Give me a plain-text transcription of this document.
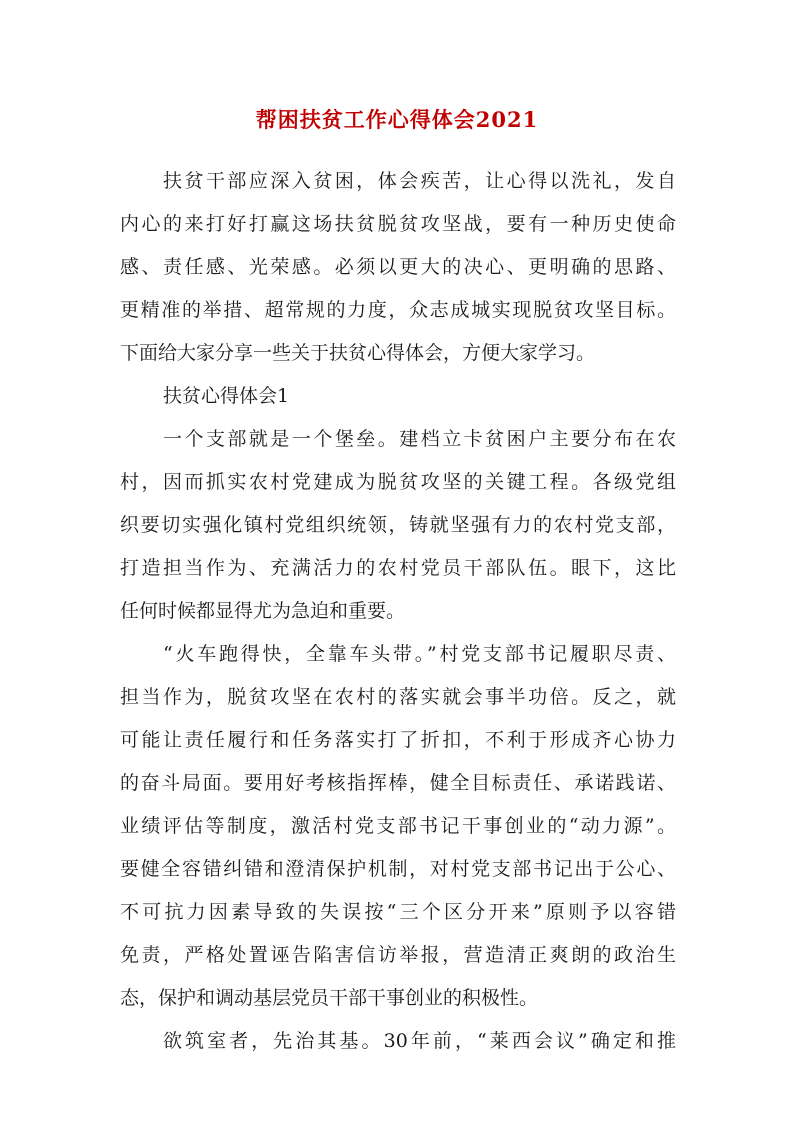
帮困扶贫工作心得体会2021
扶贫干部应深入贫困，体会疾苦，让心得以洗礼，发自
内心的来打好打赢这场扶贫脱贫攻坚战，要有一种历史使命
感、责任感、光荣感。必须以更大的决心、更明确的思路、
更精准的举措、超常规的力度，众志成城实现脱贫攻坚目标。
下面给大家分享一些关于扶贫心得体会，方便大家学习。
扶贫心得体会1
一个支部就是一个堡垒。建档立卡贫困户主要分布在农
村，因而抓实农村党建成为脱贫攻坚的关键工程。各级党组
织要切实强化镇村党组织统领，铸就坚强有力的农村党支部，
打造担当作为、充满活力的农村党员干部队伍。眼下，这比
任何时候都显得尤为急迫和重要。
“火车跑得快，全靠车头带。”村党支部书记履职尽责、
担当作为，脱贫攻坚在农村的落实就会事半功倍。反之，就
可能让责任履行和任务落实打了折扣，不利于形成齐心协力
的奋斗局面。要用好考核指挥棒，健全目标责任、承诺践诺、
业绩评估等制度，激活村党支部书记干事创业的“动力源”。
要健全容错纠错和澄清保护机制，对村党支部书记出于公心、
不可抗力因素导致的失误按“三个区分开来”原则予以容错
免责，严格处置诬告陷害信访举报，营造清正爽朗的政治生
态，保护和调动基层党员干部干事创业的积极性。
欲筑室者，先治其基。30年前，“莱西会议”确定和推
